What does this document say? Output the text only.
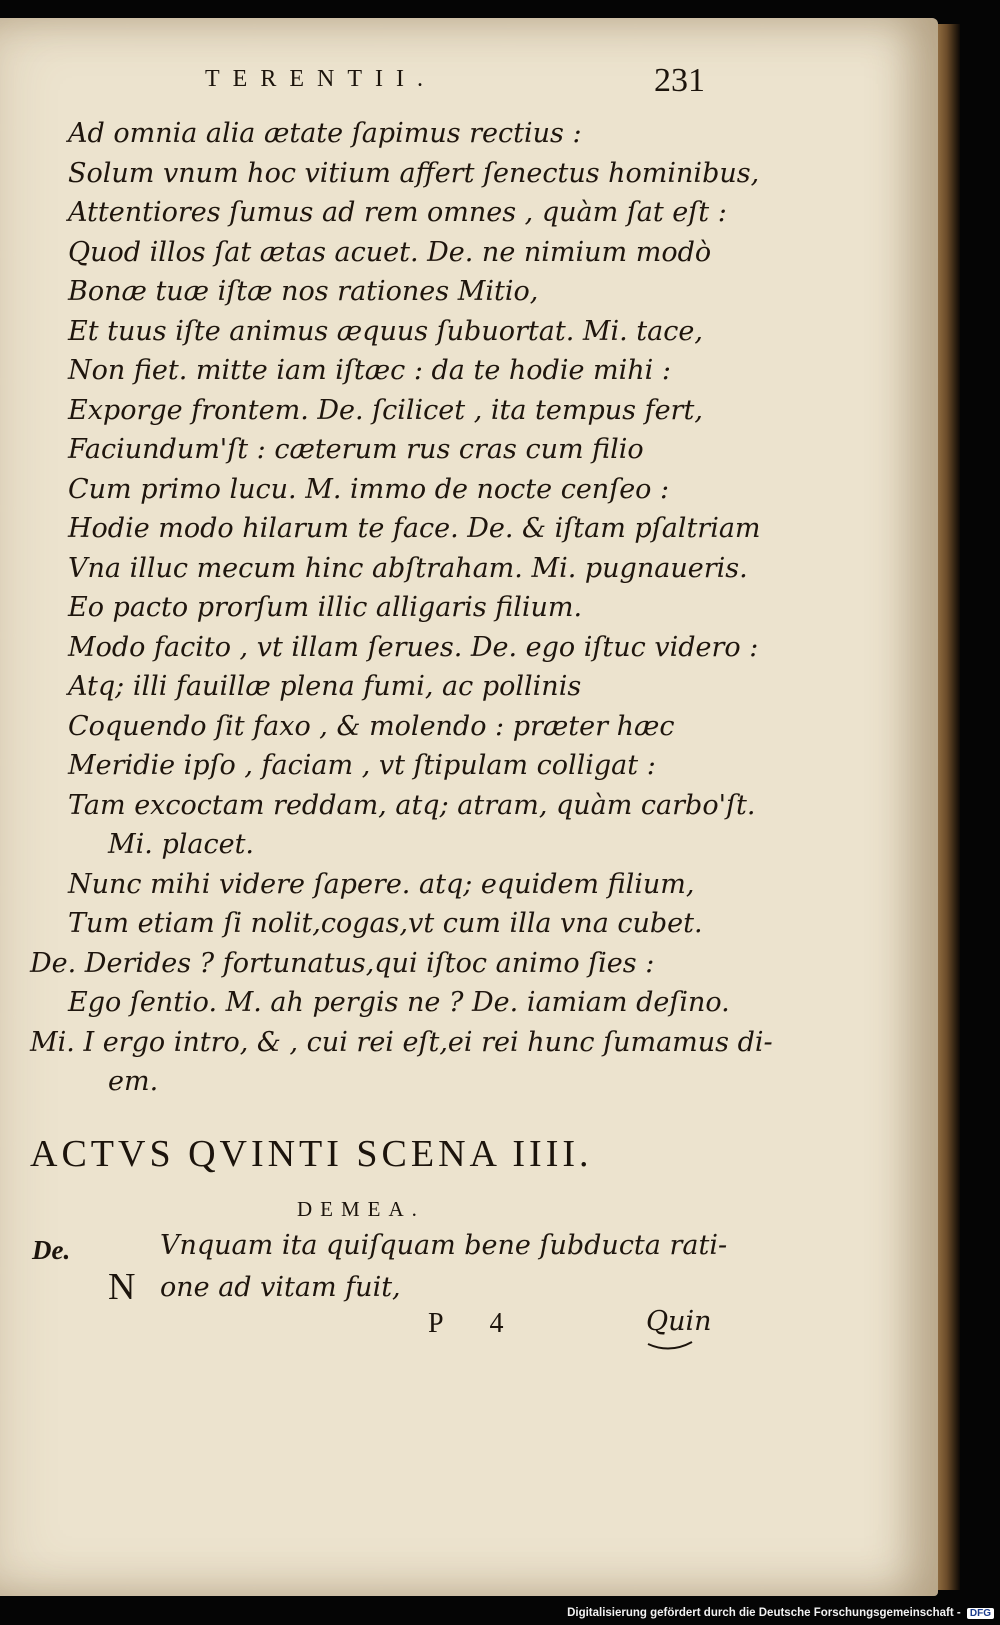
TERENTII.	231
Ad omnia alia ætate ſapimus rectius :
Solum vnum hoc vitium affert ſenectus hominibus,
Attentiores ſumus ad rem omnes , quàm ſat eſt :
Quod illos ſat ætas acuet. De. ne nimium modò
Bonæ tuæ iſtæ nos rationes Mitio,
Et tuus iſte animus æquus ſubuortat. Mi. tace,
Non fiet. mitte iam iſtæc : da te hodie mihi :
Exporge frontem. De. ſcilicet , ita tempus fert,
Faciundum'ſt : cæterum rus cras cum filio
Cum primo lucu. M. immo de nocte cenſeo :
Hodie modo hilarum te face. De. & iſtam pſaltriam
Vna illuc mecum hinc abſtraham. Mi. pugnaueris.
Eo pacto prorſum illic alligaris filium.
Modo facito , vt illam ſerues. De. ego iſtuc videro :
Atq; illi fauillæ plena fumi, ac pollinis
Coquendo ſit faxo , & molendo : præter hæc
Meridie ipſo , faciam , vt ſtipulam colligat :
Tam excoctam reddam, atq; atram, quàm carbo'ſt.
Mi. placet.
Nunc mihi videre ſapere. atq; equidem filium,
Tum etiam ſi nolit,cogas,vt cum illa vna cubet.
De. Derides ? fortunatus,qui iſtoc animo ſies :
Ego ſentio. M. ah pergis ne ? De. iamiam deſino.
Mi. I ergo intro, & , cui rei eſt,ei rei hunc ſumamus di-
em.
ACTVS QVINTI SCENA IIII.
DEMEA.
De.
N
Vnquam ita quiſquam bene ſubducta rati-
one ad vitam fuit,
P 4	Quin
Digitalisierung gefördert durch die Deutsche Forschungsgemeinschaft - DFG
